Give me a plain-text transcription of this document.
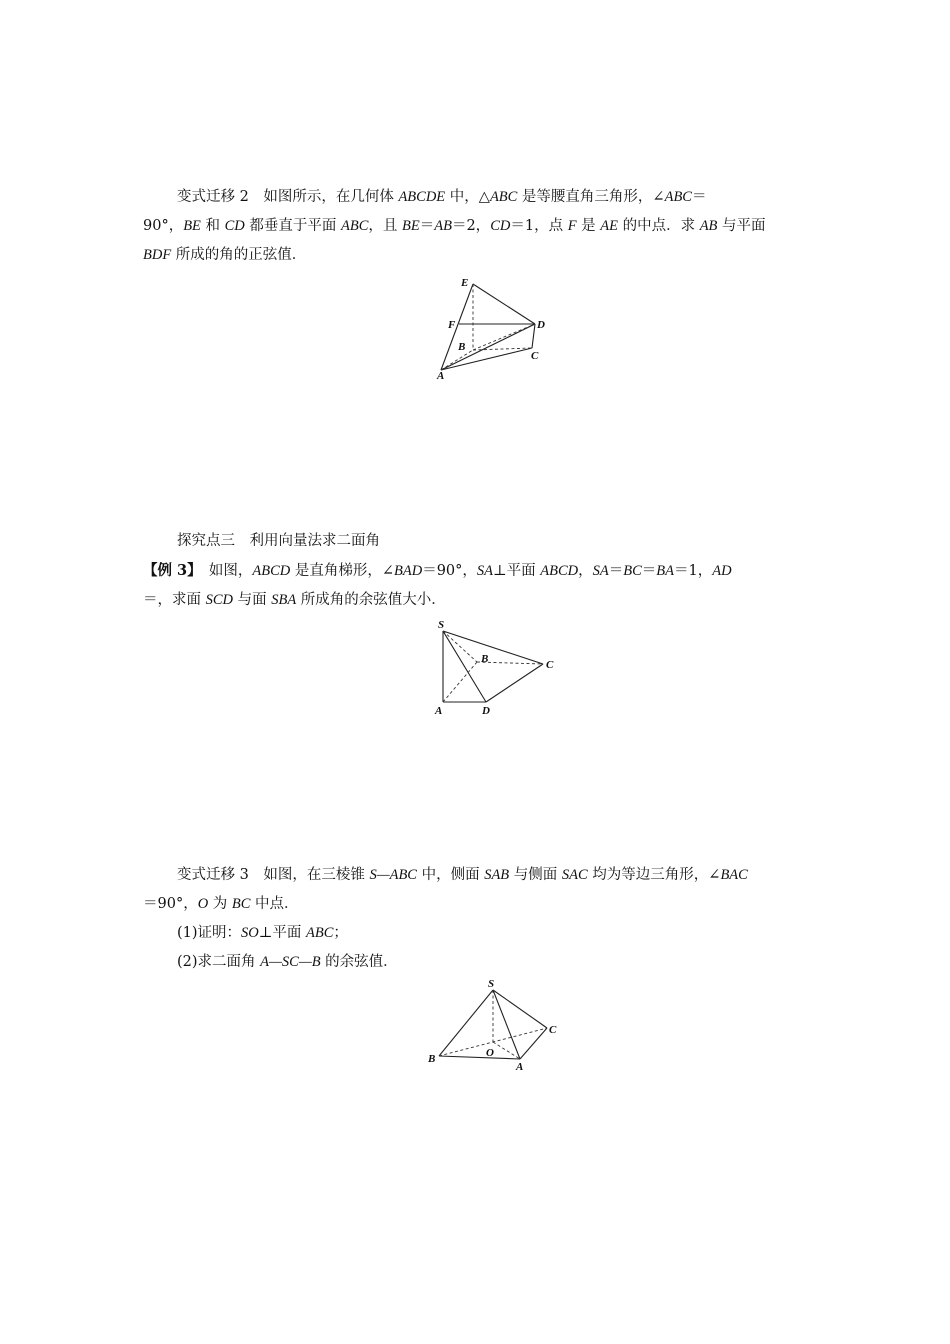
变式迁移 2　 如图所示，在几何体 ABCDE 中，△ABC 是等腰直角三角形，∠ABC＝

90°，BE 和 CD 都垂直于平面 ABC，且 BE＝AB＝2，CD＝1，点 F 是 AE 的中点．求 AB 与平面

BDF 所成的角的正弦值．

E
F	D
B
C
A

探究点三　利用向量法求二面角

【例 3】　 如图，ABCD 是直角梯形，∠BAD＝90°，SA⊥平面 ABCD，SA＝BC＝BA＝1，AD

＝，求面 SCD 与面 SBA 所成角的余弦值大小．

S
B	C
A	D

变式迁移 3　 如图，在三棱锥 S—ABC 中，侧面 SAB 与侧面 SAC 均为等边三角形，∠BAC

＝90°，O 为 BC 中点．

(1)证明：SO⊥平面 ABC；

(2)求二面角 A—SC—B 的余弦值．

S
C
O
B
A
